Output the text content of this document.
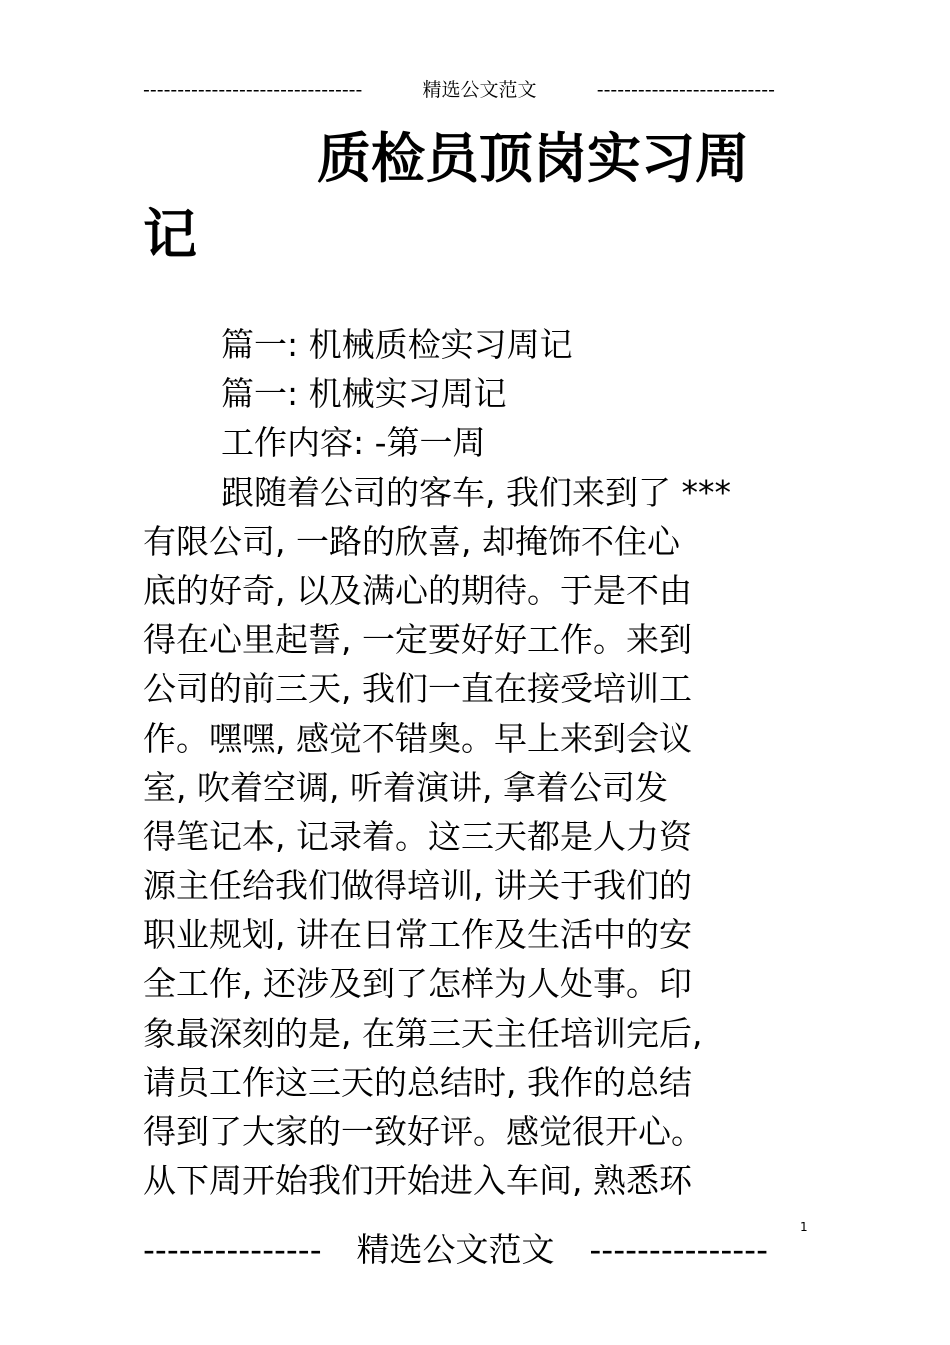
--------------------------------	精选公文范文	--------------------------
质检员顶岗实习周
记
篇一: 机械质检实习周记
篇一: 机械实习周记
工作内容: -第一周
跟随着公司的客车, 我们来到了 ***
有限公司, 一路的欣喜, 却掩饰不住心
底的好奇, 以及满心的期待。于是不由
得在心里起誓, 一定要好好工作。来到
公司的前三天, 我们一直在接受培训工
作。嘿嘿, 感觉不错奥。早上来到会议
室, 吹着空调, 听着演讲, 拿着公司发
得笔记本, 记录着。这三天都是人力资
源主任给我们做得培训, 讲关于我们的
职业规划, 讲在日常工作及生活中的安
全工作, 还涉及到了怎样为人处事。印
象最深刻的是, 在第三天主任培训完后,
请员工作这三天的总结时, 我作的总结
得到了大家的一致好评。感觉很开心。
从下周开始我们开始进入车间, 熟悉环
1
--------------- 精选公文范文 ---------------
